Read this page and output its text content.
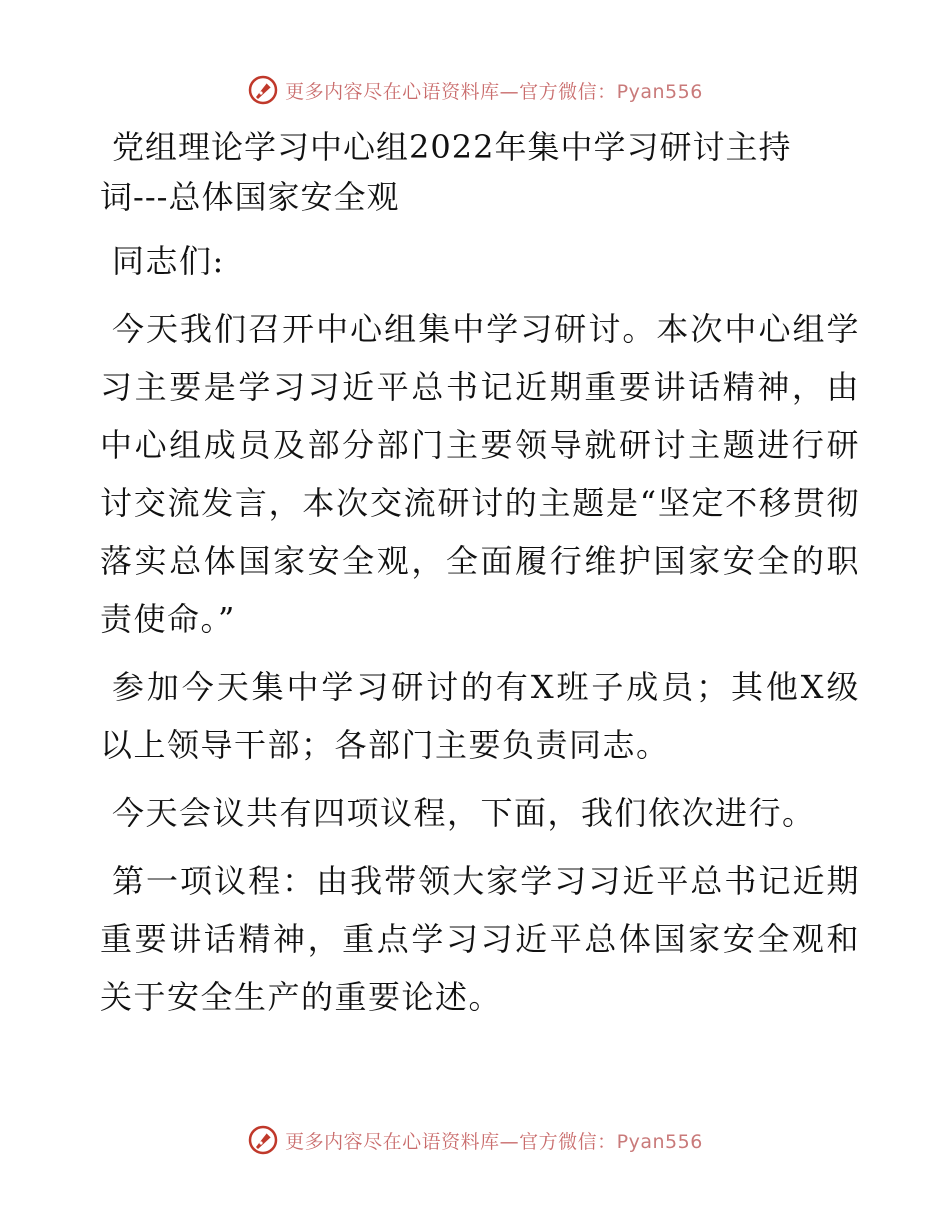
更多内容尽在心语资料库—官方微信：Pyan556
党组理论学习中心组2022年集中学习研讨主持
词---总体国家安全观

同志们:

今天我们召开中心组集中学习研讨。本次中心组学习主要是学习习近平总书记近期重要讲话精神，由中心组成员及部分部门主要领导就研讨主题进行研讨交流发言，本次交流研讨的主题是“坚定不移贯彻落实总体国家安全观，全面履行维护国家安全的职责使命。”

参加今天集中学习研讨的有X班子成员；其他X级以上领导干部；各部门主要负责同志。

今天会议共有四项议程，下面，我们依次进行。

第一项议程：由我带领大家学习习近平总书记近期重要讲话精神，重点学习习近平总体国家安全观和关于安全生产的重要论述。

更多内容尽在心语资料库—官方微信：Pyan556
